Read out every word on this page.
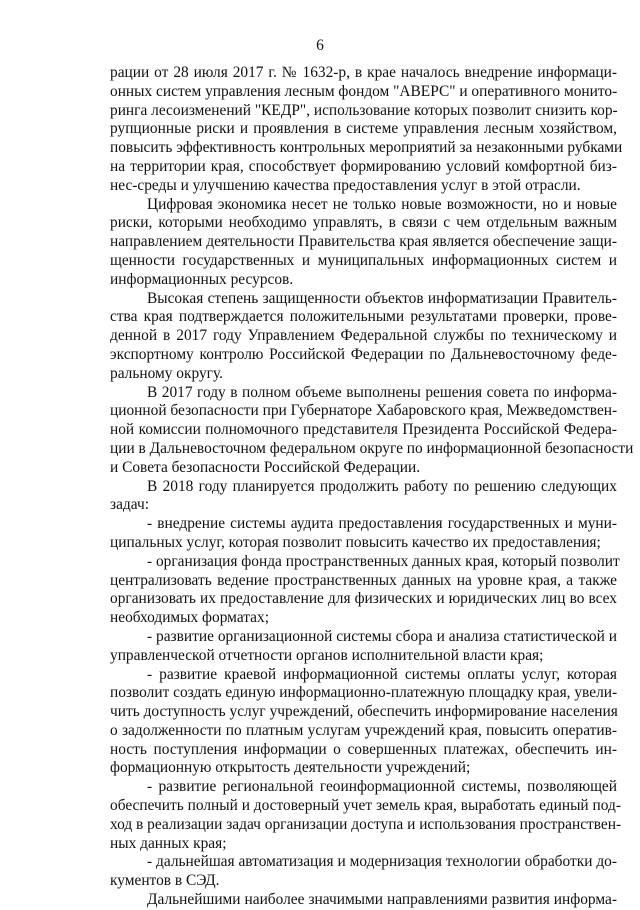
6
рации от 28 июля 2017 г. № 1632-р, в крае началось внедрение информаци-
онных систем управления лесным фондом "АВЕРС" и оперативного монито-
ринга лесоизменений "КЕДР", использование которых позволит снизить кор-
рупционные риски и проявления в системе управления лесным хозяйством,
повысить эффективность контрольных мероприятий за незаконными рубками
на территории края, способствует формированию условий комфортной биз-
нес-среды и улучшению качества предоставления услуг в этой отрасли.
Цифровая экономика несет не только новые возможности, но и новые
риски, которыми необходимо управлять, в связи с чем отдельным важным
направлением деятельности Правительства края является обеспечение защи-
щенности государственных и муниципальных информационных систем и
информационных ресурсов.
Высокая степень защищенности объектов информатизации Правитель-
ства края подтверждается положительными результатами проверки, прове-
денной в 2017 году Управлением Федеральной службы по техническому и
экспортному контролю Российской Федерации по Дальневосточному феде-
ральному округу.
В 2017 году в полном объеме выполнены решения совета по информа-
ционной безопасности при Губернаторе Хабаровского края, Межведомствен-
ной комиссии полномочного представителя Президента Российской Федера-
ции в Дальневосточном федеральном округе по информационной безопасности
и Совета безопасности Российской Федерации.
В 2018 году планируется продолжить работу по решению следующих
задач:
- внедрение системы аудита предоставления государственных и муни-
ципальных услуг, которая позволит повысить качество их предоставления;
- организация фонда пространственных данных края, который позволит
централизовать ведение пространственных данных на уровне края, а также
организовать их предоставление для физических и юридических лиц во всех
необходимых форматах;
- развитие организационной системы сбора и анализа статистической и
управленческой отчетности органов исполнительной власти края;
- развитие краевой информационной системы оплаты услуг, которая
позволит создать единую информационно-платежную площадку края, увели-
чить доступность услуг учреждений, обеспечить информирование населения
о задолженности по платным услугам учреждений края, повысить оператив-
ность поступления информации о совершенных платежах, обеспечить ин-
формационную открытость деятельности учреждений;
- развитие региональной геоинформационной системы, позволяющей
обеспечить полный и достоверный учет земель края, выработать единый под-
ход в реализации задач организации доступа и использования пространствен-
ных данных края;
- дальнейшая автоматизация и модернизация технологии обработки до-
кументов в СЭД.
Дальнейшими наиболее значимыми направлениями развития информа-
